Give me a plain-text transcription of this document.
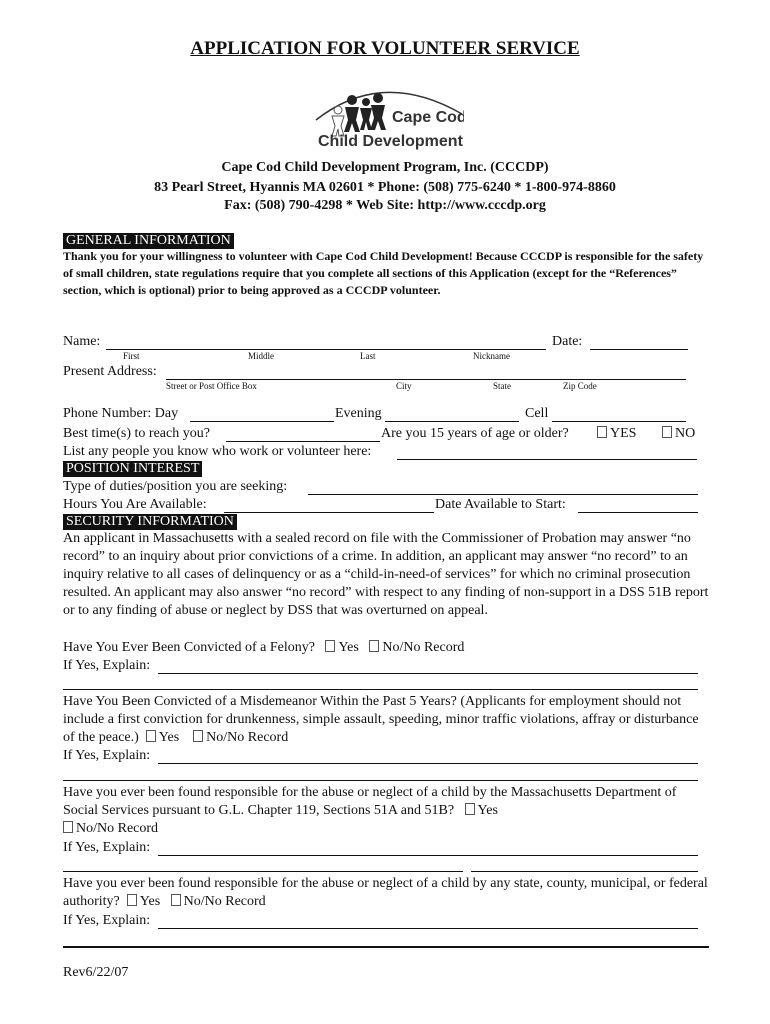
APPLICATION FOR VOLUNTEER SERVICE
Cape Cod
Child Development
Cape Cod Child Development Program, Inc. (CCCDP)
83 Pearl Street, Hyannis MA 02601 * Phone: (508) 775-6240 * 1-800-974-8860
Fax: (508) 790-4298 * Web Site: http://www.cccdp.org
GENERAL INFORMATION
Thank you for your willingness to volunteer with Cape Cod Child Development! Because CCCDP is responsible for the safety of small children, state regulations require that you complete all sections of this Application (except for the “References” section, which is optional) prior to being approved as a CCCDP volunteer.
Name:	Date:
First	Middle	Last	Nickname
Present Address:
Street or Post Office Box	City	State	Zip Code
Phone Number: Day	Evening	Cell
Best time(s) to reach you?	Are you 15 years of age or older?	YES	NO
List any people you know who work or volunteer here:
POSITION INTEREST
Type of duties/position you are seeking:
Hours You Are Available:	Date Available to Start:
SECURITY INFORMATION
An applicant in Massachusetts with a sealed record on file with the Commissioner of Probation may answer “no record” to an inquiry about prior convictions of a crime. In addition, an applicant may answer “no record” to an inquiry relative to all cases of delinquency or as a “child-in-need-of services” for which no criminal prosecution resulted. An applicant may also answer “no record” with respect to any finding of non-support in a DSS 51B report or to any finding of abuse or neglect by DSS that was overturned on appeal.
Have You Ever Been Convicted of a Felony? Yes No/No Record
If Yes, Explain:
Have You Been Convicted of a Misdemeanor Within the Past 5 Years? (Applicants for employment should not include a first conviction for drunkenness, simple assault, speeding, minor traffic violations, affray or disturbance of the peace.) Yes No/No Record
If Yes, Explain:
Have you ever been found responsible for the abuse or neglect of a child by the Massachusetts Department of Social Services pursuant to G.L. Chapter 119, Sections 51A and 51B? Yes
No/No Record
If Yes, Explain:
Have you ever been found responsible for the abuse or neglect of a child by any state, county, municipal, or federal authority? Yes No/No Record
If Yes, Explain:
Rev6/22/07
